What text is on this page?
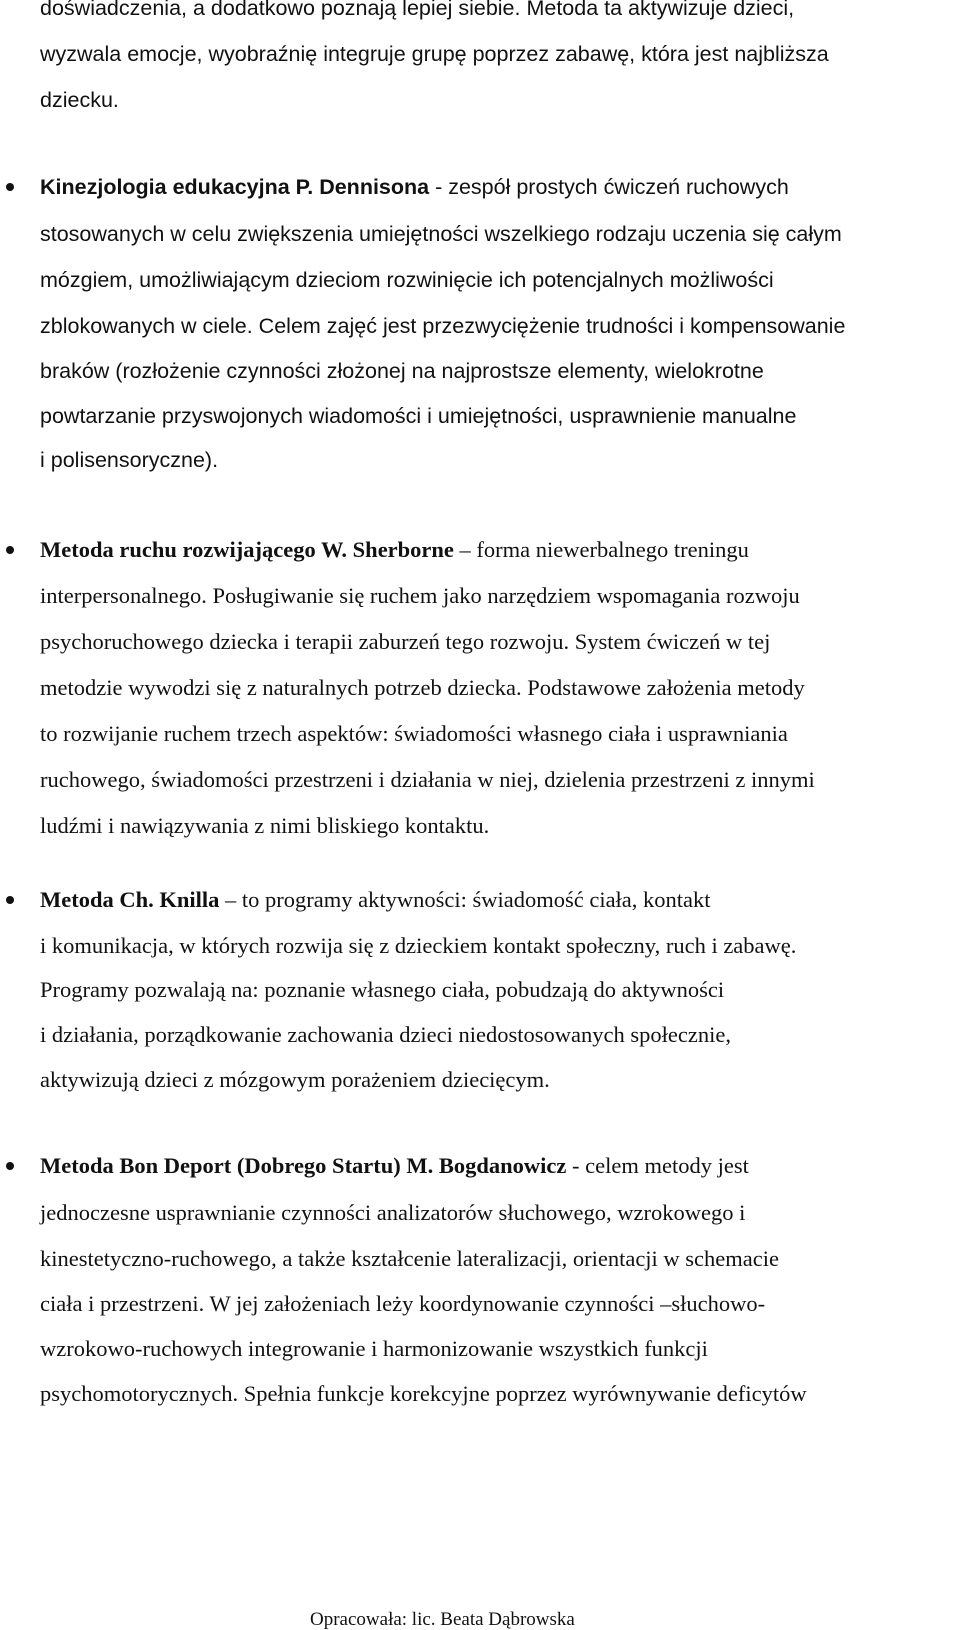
doświadczenia, a dodatkowo poznają lepiej siebie. Metoda ta aktywizuje dzieci,
wyzwala emocje, wyobraźnię integruje grupę poprzez zabawę, która jest najbliższa
dziecku.
Kinezjologia edukacyjna P. Dennisona - zespół prostych ćwiczeń ruchowych
stosowanych w celu zwiększenia umiejętności wszelkiego rodzaju uczenia się całym
mózgiem, umożliwiającym dzieciom rozwinięcie ich potencjalnych możliwości
zblokowanych w ciele. Celem zajęć jest przezwyciężenie trudności i kompensowanie
braków (rozłożenie czynności złożonej na najprostsze elementy, wielokrotne
powtarzanie przyswojonych wiadomości i umiejętności, usprawnienie manualne
i polisensoryczne).
Metoda ruchu rozwijającego W. Sherborne – forma niewerbalnego treningu
interpersonalnego. Posługiwanie się ruchem jako narzędziem wspomagania rozwoju
psychoruchowego dziecka i terapii zaburzeń tego rozwoju. System ćwiczeń w tej
metodzie wywodzi się z naturalnych potrzeb dziecka. Podstawowe założenia metody
to rozwijanie ruchem trzech aspektów: świadomości własnego ciała i usprawniania
ruchowego, świadomości przestrzeni i działania w niej, dzielenia przestrzeni z innymi
ludźmi i nawiązywania z nimi bliskiego kontaktu.
Metoda Ch. Knilla – to programy aktywności: świadomość ciała, kontakt
i komunikacja, w których rozwija się z dzieckiem kontakt społeczny, ruch i zabawę.
Programy pozwalają na: poznanie własnego ciała, pobudzają do aktywności
i działania, porządkowanie zachowania dzieci niedostosowanych społecznie,
aktywizują dzieci z mózgowym porażeniem dziecięcym.
Metoda Bon Deport (Dobrego Startu) M. Bogdanowicz - celem metody jest
jednoczesne usprawnianie czynności analizatorów słuchowego, wzrokowego i
kinestetyczno-ruchowego, a także kształcenie lateralizacji, orientacji w schemacie
ciała i przestrzeni. W jej założeniach leży koordynowanie czynności –słuchowo-
wzrokowo-ruchowych integrowanie i harmonizowanie wszystkich funkcji
psychomotorycznych. Spełnia funkcje korekcyjne poprzez wyrównywanie deficytów
Opracowała: lic. Beata Dąbrowska
